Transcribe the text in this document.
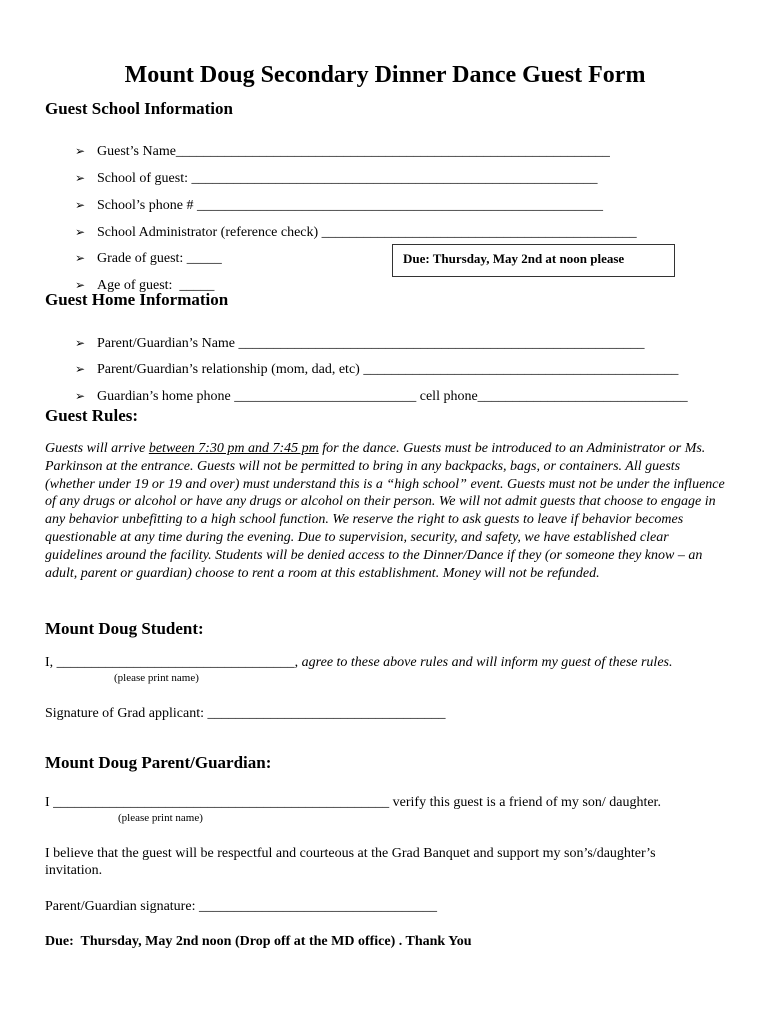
Mount Doug Secondary Dinner Dance Guest Form
Guest School Information

➢ Guest’s Name______________________________________________________________

➢ School of guest: __________________________________________________________

➢ School’s phone # __________________________________________________________

➢ School Administrator (reference check) _____________________________________________

➢ Grade of guest: _____

➢ Age of guest:  _____

Due: Thursday, May 2nd at noon please
Guest Home Information

➢ Parent/Guardian’s Name __________________________________________________________

➢ Parent/Guardian’s relationship (mom, dad, etc) _____________________________________________

➢ Guardian’s home phone __________________________ cell phone______________________________

Guest Rules:

Guests will arrive between 7:30 pm and 7:45 pm for the dance. Guests must be introduced to an Administrator or Ms. Parkinson at the entrance. Guests will not be permitted to bring in any backpacks, bags, or containers. All guests (whether under 19 or 19 and over) must understand this is a “high school” event. Guests must not be under the influence of any drugs or alcohol or have any drugs or alcohol on their person. We will not admit guests that choose to engage in any behavior unbefitting to a high school function. We reserve the right to ask guests to leave if behavior becomes questionable at any time during the evening. Due to supervision, security, and safety, we have established clear guidelines around the facility. Students will be denied access to the Dinner/Dance if they (or someone they know – an adult, parent or guardian) choose to rent a room at this establishment. Money will not be refunded.

Mount Doug Student:
I, __________________________________, agree to these above rules and will inform my guest of these rules.
(please print name)
Signature of Grad applicant: __________________________________
Mount Doug Parent/Guardian:
I ________________________________________________ verify this guest is a friend of my son/ daughter.
(please print name)
I believe that the guest will be respectful and courteous at the Grad Banquet and support my son’s/daughter’s
invitation.
Parent/Guardian signature: __________________________________
Due:  Thursday, May 2nd noon (Drop off at the MD office) . Thank You
